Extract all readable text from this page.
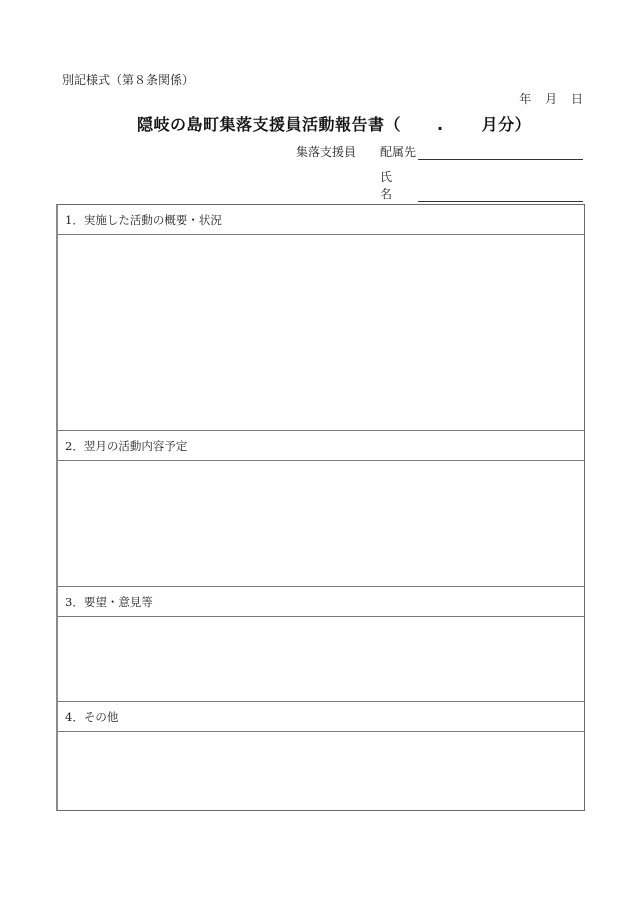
別記様式（第８条関係）
年 月 日
隠岐の島町集落支援員活動報告書（ . 月分）
集落支援員 配属先
氏名
1．実施した活動の概要・状況
2．翌月の活動内容予定
3．要望・意見等
4．その他
